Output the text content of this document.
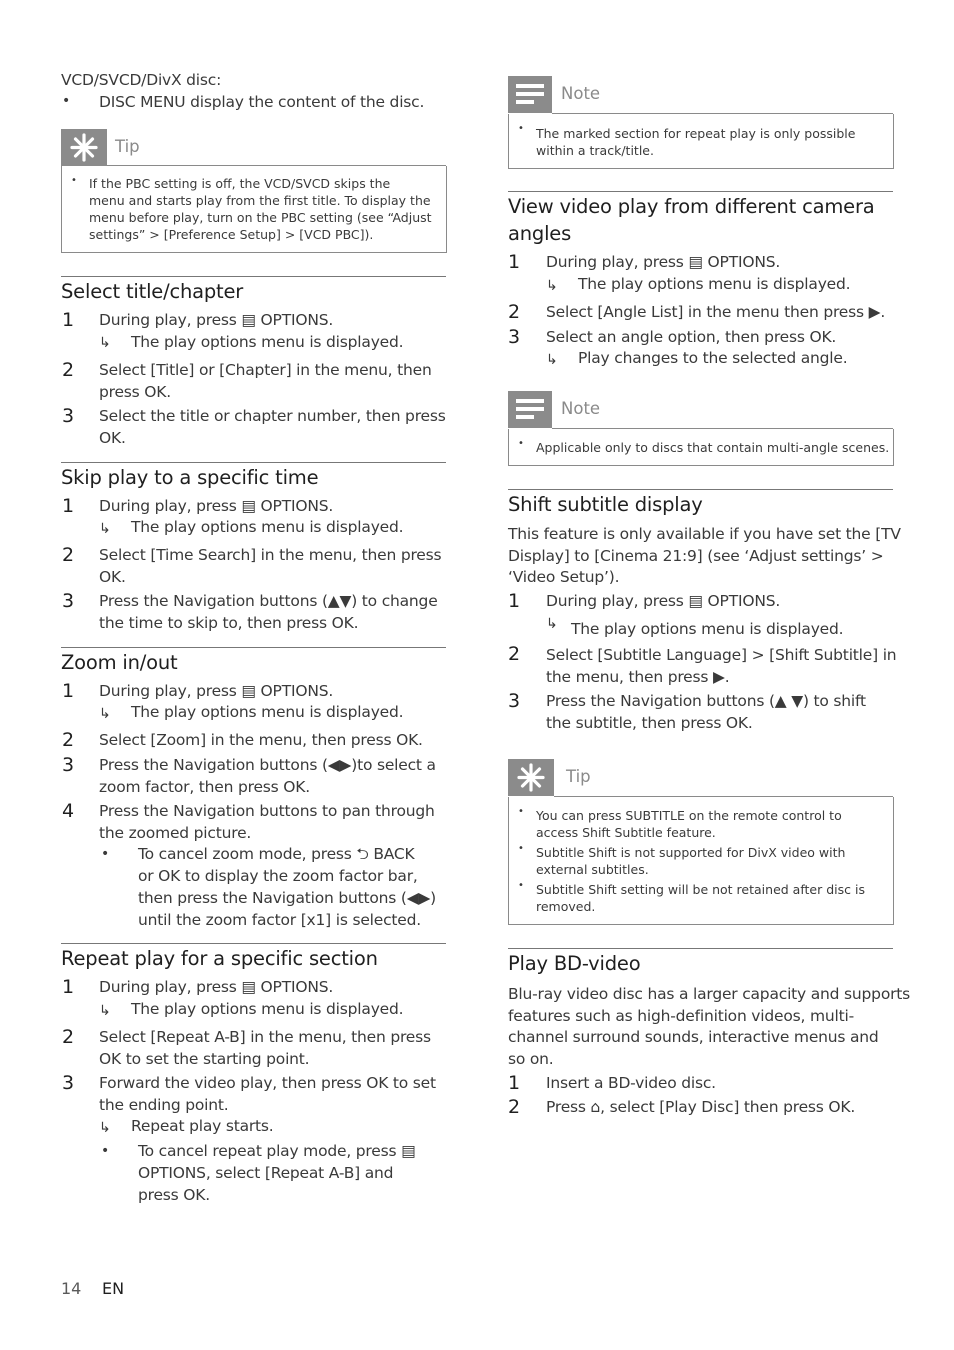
VCD/SVCD/DivX disc:
• DISC MENU display the content of the disc.
Tip
• If the PBC setting is off, the VCD/SVCD skips the
menu and starts play from the first title. To display the
menu before play, turn on the PBC setting (see “Adjust
settings” > [Preference Setup] > [VCD PBC]).
Select title/chapter
1 During play, press ▤ OPTIONS.
↳ The play options menu is displayed.
2 Select [Title] or [Chapter] in the menu, then
press OK.
3 Select the title or chapter number, then press
OK.
Skip play to a specific time
1 During play, press ▤ OPTIONS.
↳ The play options menu is displayed.
2 Select [Time Search] in the menu, then press
OK.
3 Press the Navigation buttons (▲▼) to change
the time to skip to, then press OK.
Zoom in/out
1 During play, press ▤ OPTIONS.
↳ The play options menu is displayed.
2 Select [Zoom] in the menu, then press OK.
3 Press the Navigation buttons (◀▶)to select a
zoom factor, then press OK.
4 Press the Navigation buttons to pan through
the zoomed picture.
• To cancel zoom mode, press ⮌ BACK
or OK to display the zoom factor bar,
then press the Navigation buttons (◀▶)
until the zoom factor [x1] is selected.
Repeat play for a specific section
1 During play, press ▤ OPTIONS.
↳ The play options menu is displayed.
2 Select [Repeat A-B] in the menu, then press
OK to set the starting point.
3 Forward the video play, then press OK to set
the ending point.
↳ Repeat play starts.
• To cancel repeat play mode, press ▤
OPTIONS, select [Repeat A-B] and
press OK.
Note
• The marked section for repeat play is only possible
within a track/title.
View video play from different camera
angles
1 During play, press ▤ OPTIONS.
↳ The play options menu is displayed.
2 Select [Angle List] in the menu then press ▶.
3 Select an angle option, then press OK.
↳ Play changes to the selected angle.
Note
• Applicable only to discs that contain multi-angle scenes.
Shift subtitle display
This feature is only available if you have set the [TV
Display] to [Cinema 21:9] (see ‘Adjust settings’ >
‘Video Setup’).
1 During play, press ▤ OPTIONS.
↳ The play options menu is displayed.
2 Select [Subtitle Language] > [Shift Subtitle] in
the menu, then press ▶.
3 Press the Navigation buttons (▲ ▼) to shift
the subtitle, then press OK.
Tip
• You can press SUBTITLE on the remote control to
access Shift Subtitle feature.
• Subtitle Shift is not supported for DivX video with
external subtitles.
• Subtitle Shift setting will be not retained after disc is
removed.
Play BD-video
Blu-ray video disc has a larger capacity and supports
features such as high-definition videos, multi-
channel surround sounds, interactive menus and
so on.
1 Insert a BD-video disc.
2 Press ⌂, select [Play Disc] then press OK.
14 EN
